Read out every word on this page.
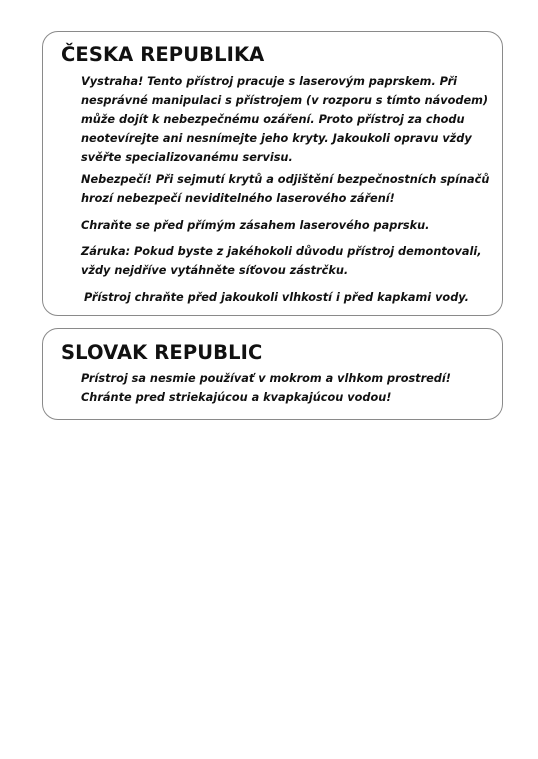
ČESKA REPUBLIKA

Vystraha! Tento přístroj pracuje s laserovým paprskem. Při
nesprávné manipulaci s přístrojem (v rozporu s tímto návodem)
může dojít k nebezpečnému ozáření. Proto přístroj za chodu
neotevírejte ani nesnímejte jeho kryty. Jakoukoli opravu vždy
svěřte specializovanému servisu.

Nebezpečí! Při sejmutí krytů a odjištění bezpečnostních spínačů
hrozí nebezpečí neviditelného laserového záření!

Chraňte se před přímým zásahem laserového paprsku.

Záruka: Pokud byste z jakéhokoli důvodu přístroj demontovali,
vždy nejdříve vytáhněte síťovou zástrčku.

Přístroj chraňte před jakoukoli vlhkostí i před kapkami vody.

SLOVAK REPUBLIC

Prístroj sa nesmie používať v mokrom a vlhkom prostredí!
Chránte pred striekajúcou a kvapkajúcou vodou!
